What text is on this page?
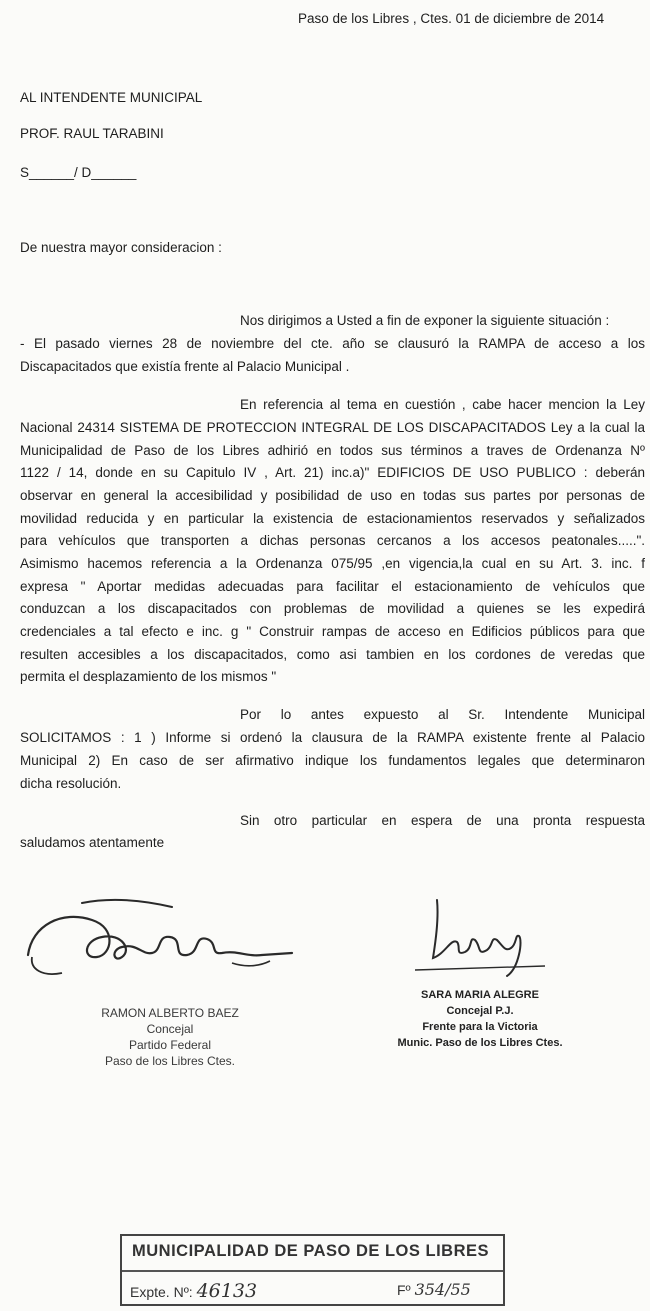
Paso de los Libres , Ctes. 01 de diciembre de 2014
AL INTENDENTE MUNICIPAL
PROF. RAUL TARABINI
S______/ D______
De nuestra mayor consideracion :
Nos dirigimos a Usted a fin de exponer la siguiente situación :
- El pasado viernes 28 de noviembre del cte. año se clausuró la RAMPA de acceso a los
Discapacitados que existía frente al Palacio Municipal .
En referencia al tema en cuestión , cabe hacer mencion la Ley
Nacional 24314 SISTEMA DE PROTECCION INTEGRAL DE LOS DISCAPACITADOS Ley a la cual la
Municipalidad de Paso de los Libres adhirió en todos sus términos a traves de Ordenanza Nº
1122 / 14, donde en su Capitulo IV , Art. 21) inc.a)" EDIFICIOS DE USO PUBLICO : deberán
observar en general la accesibilidad y posibilidad de uso en todas sus partes por personas de
movilidad reducida y en particular la existencia de estacionamientos reservados y señalizados
para vehículos que transporten a dichas personas cercanos a los accesos peatonales.....".
Asimismo hacemos referencia a la Ordenanza 075/95 ,en vigencia,la cual en su Art. 3. inc. f
expresa " Aportar medidas adecuadas para facilitar el estacionamiento de vehículos que
conduzcan a los discapacitados con problemas de movilidad a quienes se les expedirá
credenciales a tal efecto e inc. g " Construir rampas de acceso en Edificios públicos para que
resulten accesibles a los discapacitados, como asi tambien en los cordones de veredas que
permita el desplazamiento de los mismos "
Por lo antes expuesto al Sr. Intendente Municipal
SOLICITAMOS : 1 ) Informe si ordenó la clausura de la RAMPA existente frente al Palacio
Municipal 2) En caso de ser afirmativo indique los fundamentos legales que determinaron
dicha resolución.
Sin otro particular en espera de una pronta respuesta
saludamos atentamente
RAMON ALBERTO BAEZ
Concejal
Partido Federal
Paso de los Libres Ctes.
SARA MARIA ALEGRE
Concejal P.J.
Frente para la Victoria
Munic. Paso de los Libres Ctes.
MUNICIPALIDAD DE PASO DE LOS LIBRES
Expte. Nº: 46133	Fº 354/55
